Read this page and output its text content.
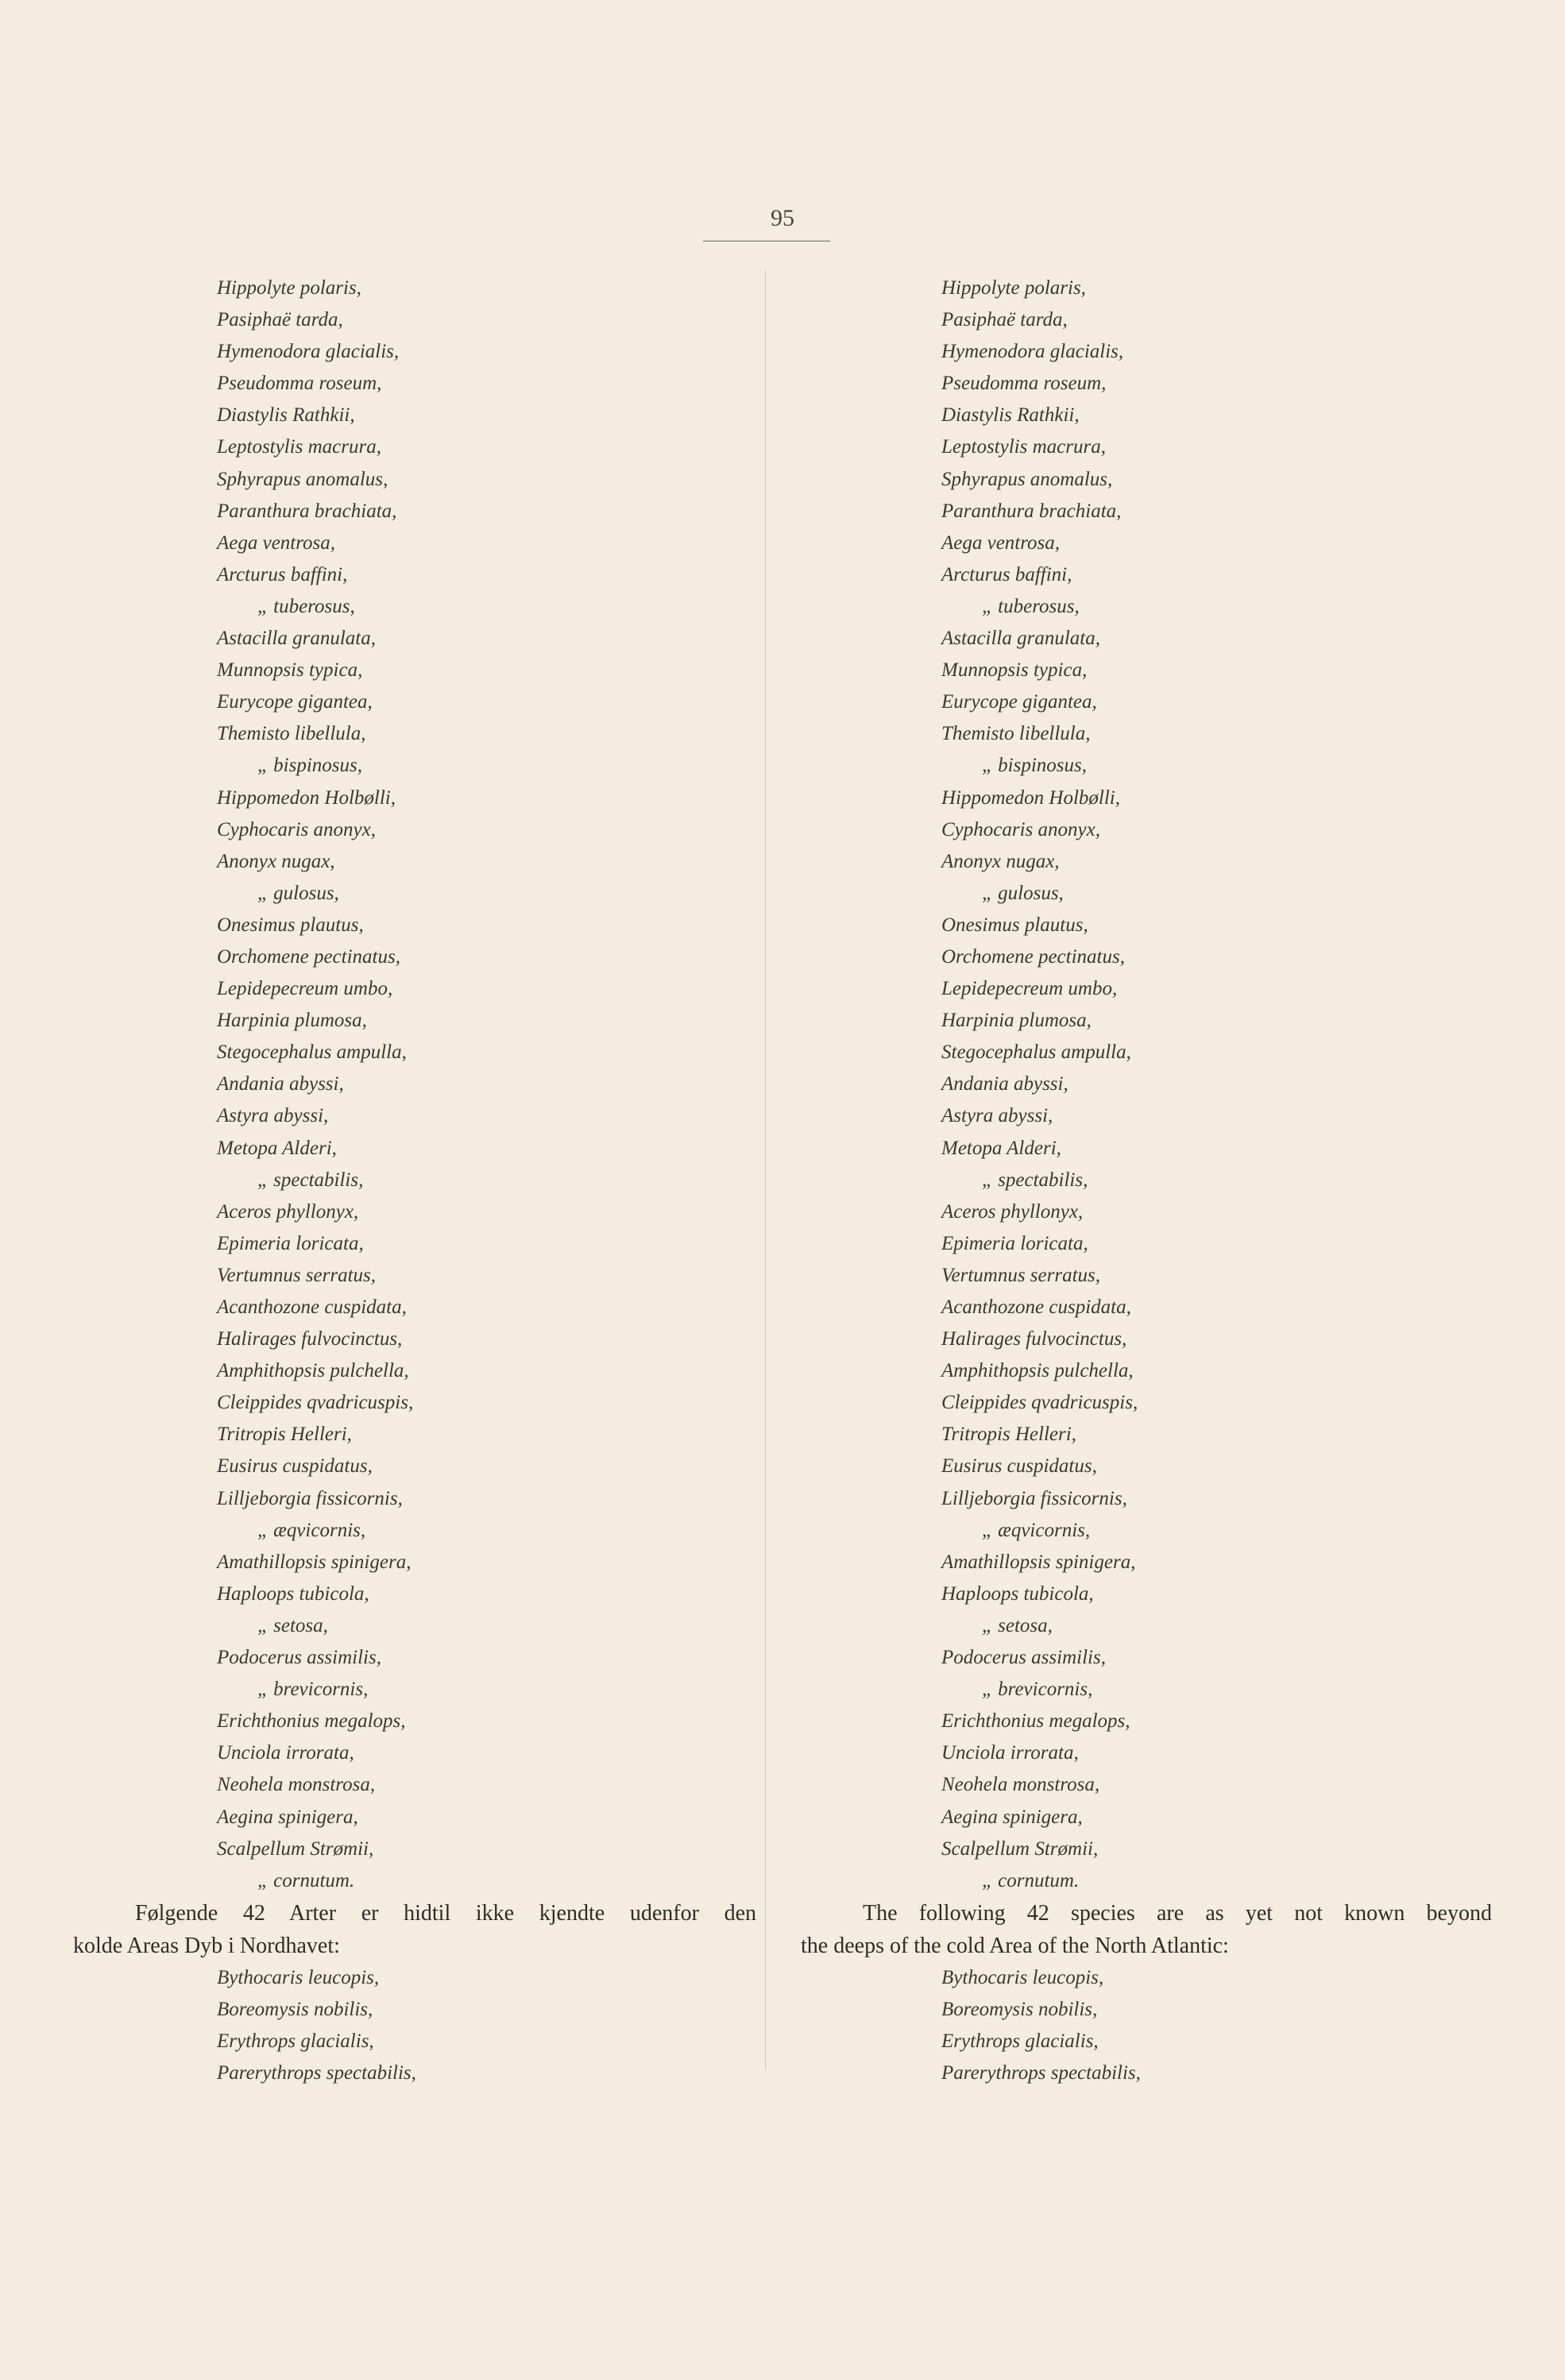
95
Hippolyte polaris,
Pasiphaë tarda,
Hymenodora glacialis,
Pseudomma roseum,
Diastylis Rathkii,
Leptostylis macrura,
Sphyrapus anomalus,
Paranthura brachiata,
Aega ventrosa,
Arcturus baffini,
„ tuberosus,
Astacilla granulata,
Munnopsis typica,
Eurycope gigantea,
Themisto libellula,
„ bispinosus,
Hippomedon Holbølli,
Cyphocaris anonyx,
Anonyx nugax,
„ gulosus,
Onesimus plautus,
Orchomene pectinatus,
Lepidepecreum umbo,
Harpinia plumosa,
Stegocephalus ampulla,
Andania abyssi,
Astyra abyssi,
Metopa Alderi,
„ spectabilis,
Aceros phyllonyx,
Epimeria loricata,
Vertumnus serratus,
Acanthozone cuspidata,
Halirages fulvocinctus,
Amphithopsis pulchella,
Cleippides qvadricuspis,
Tritropis Helleri,
Eusirus cuspidatus,
Lilljeborgia fissicornis,
„ æqvicornis,
Amathillopsis spinigera,
Haploops tubicola,
„ setosa,
Podocerus assimilis,
„ brevicornis,
Erichthonius megalops,
Unciola irrorata,
Neohela monstrosa,
Aegina spinigera,
Scalpellum Strømii,
„ cornutum.

Følgende 42 Arter er hidtil ikke kjendte udenfor den
kolde Areas Dyb i Nordhavet:

Bythocaris leucopis,
Boreomysis nobilis,
Erythrops glacialis,
Parerythrops spectabilis,
Hippolyte polaris,
Pasiphaë tarda,
Hymenodora glacialis,
Pseudomma roseum,
Diastylis Rathkii,
Leptostylis macrura,
Sphyrapus anomalus,
Paranthura brachiata,
Aega ventrosa,
Arcturus baffini,
„ tuberosus,
Astacilla granulata,
Munnopsis typica,
Eurycope gigantea,
Themisto libellula,
„ bispinosus,
Hippomedon Holbølli,
Cyphocaris anonyx,
Anonyx nugax,
„ gulosus,
Onesimus plautus,
Orchomene pectinatus,
Lepidepecreum umbo,
Harpinia plumosa,
Stegocephalus ampulla,
Andania abyssi,
Astyra abyssi,
Metopa Alderi,
„ spectabilis,
Aceros phyllonyx,
Epimeria loricata,
Vertumnus serratus,
Acanthozone cuspidata,
Halirages fulvocinctus,
Amphithopsis pulchella,
Cleippides qvadricuspis,
Tritropis Helleri,
Eusirus cuspidatus,
Lilljeborgia fissicornis,
„ æqvicornis,
Amathillopsis spinigera,
Haploops tubicola,
„ setosa,
Podocerus assimilis,
„ brevicornis,
Erichthonius megalops,
Unciola irrorata,
Neohela monstrosa,
Aegina spinigera,
Scalpellum Strømii,
„ cornutum.

The following 42 species are as yet not known beyond
the deeps of the cold Area of the North Atlantic:

Bythocaris leucopis,
Boreomysis nobilis,
Erythrops glacialis,
Parerythrops spectabilis,
